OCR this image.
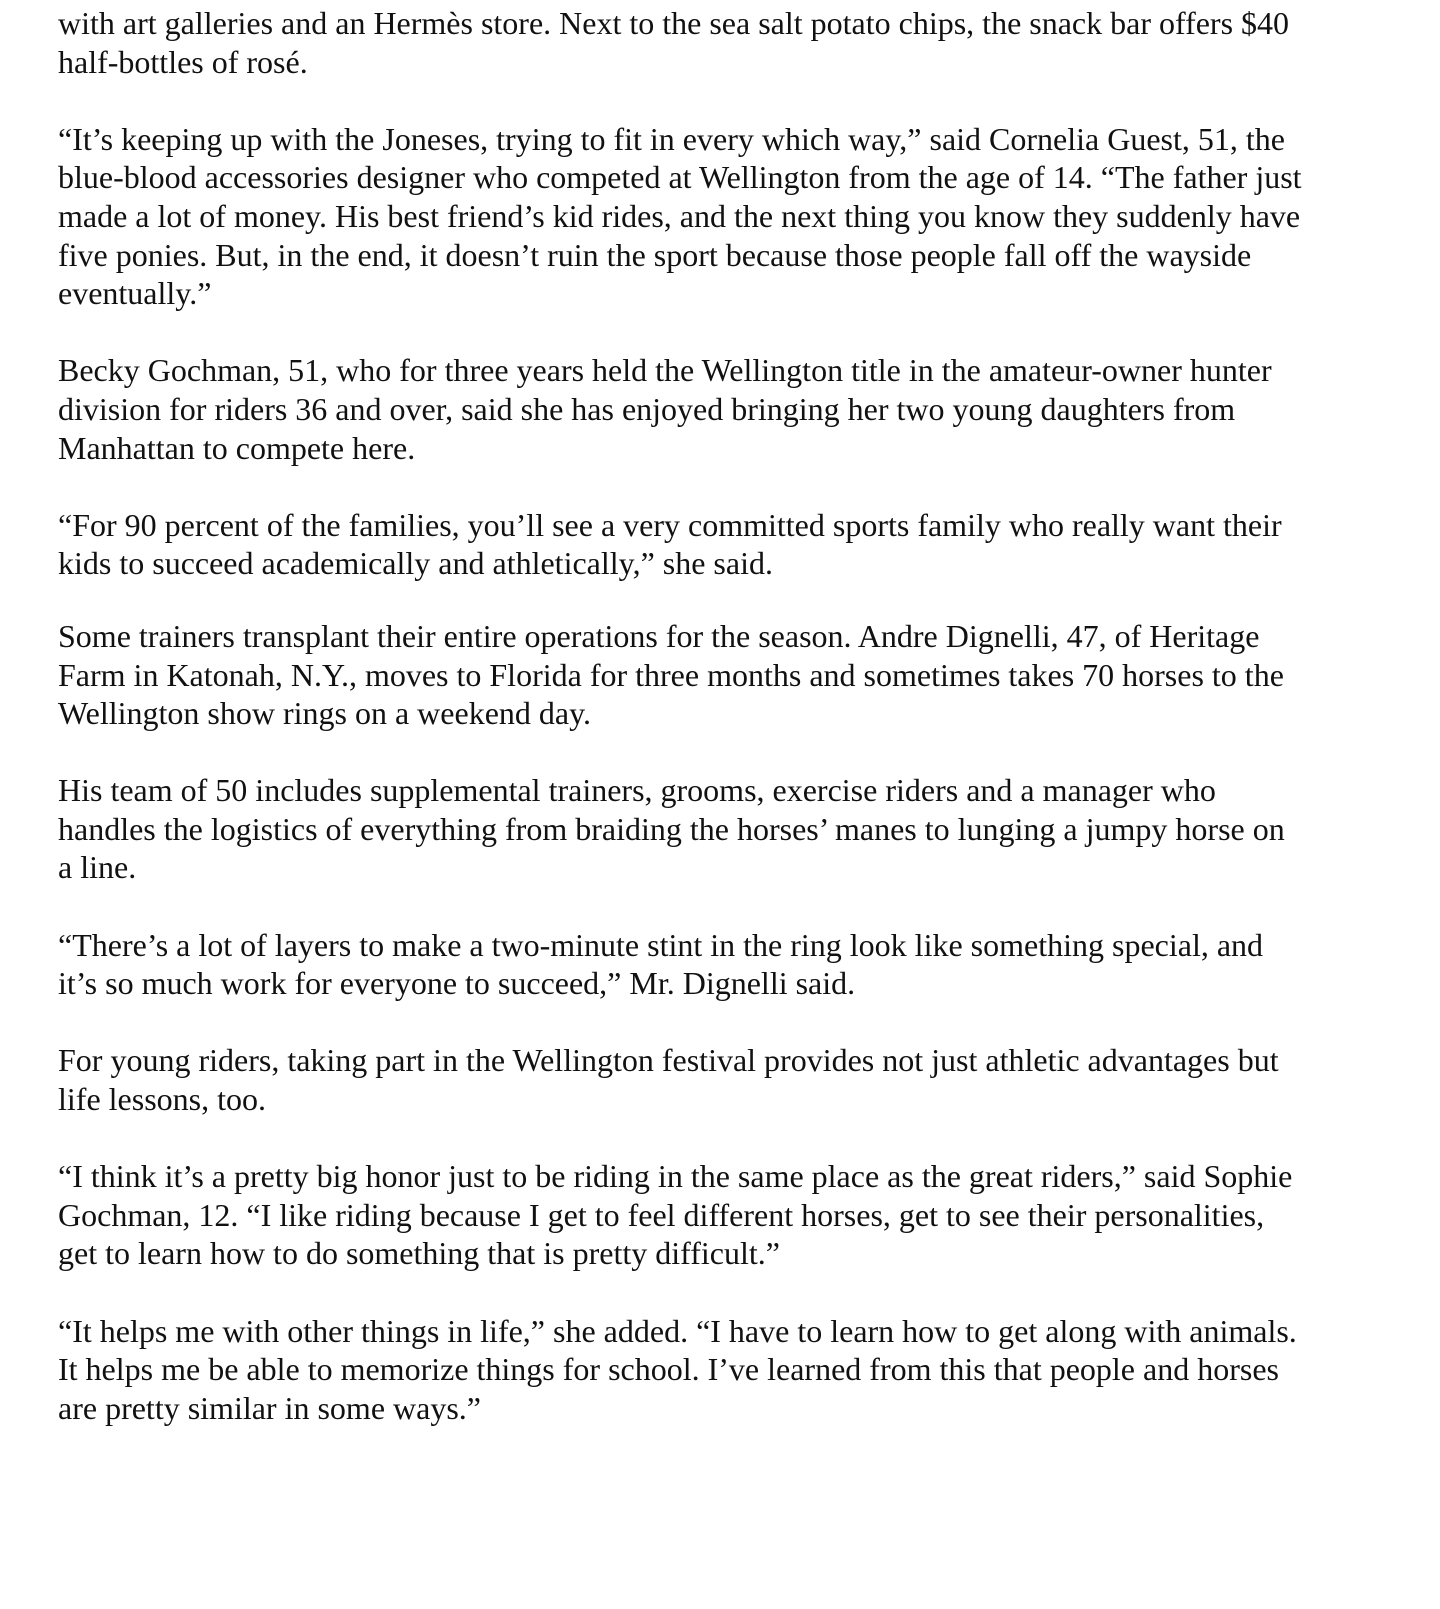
with art galleries and an Hermès store. Next to the sea salt potato chips, the snack bar offers $40
half-bottles of rosé.

“It’s keeping up with the Joneses, trying to fit in every which way,” said Cornelia Guest, 51, the
blue-blood accessories designer who competed at Wellington from the age of 14. “The father just
made a lot of money. His best friend’s kid rides, and the next thing you know they suddenly have
five ponies. But, in the end, it doesn’t ruin the sport because those people fall off the wayside
eventually.”

Becky Gochman, 51, who for three years held the Wellington title in the amateur-owner hunter
division for riders 36 and over, said she has enjoyed bringing her two young daughters from
Manhattan to compete here.

“For 90 percent of the families, you’ll see a very committed sports family who really want their
kids to succeed academically and athletically,” she said.

Some trainers transplant their entire operations for the season. Andre Dignelli, 47, of Heritage
Farm in Katonah, N.Y., moves to Florida for three months and sometimes takes 70 horses to the
Wellington show rings on a weekend day.

His team of 50 includes supplemental trainers, grooms, exercise riders and a manager who
handles the logistics of everything from braiding the horses’ manes to lunging a jumpy horse on
a line.

“There’s a lot of layers to make a two-minute stint in the ring look like something special, and
it’s so much work for everyone to succeed,” Mr. Dignelli said.

For young riders, taking part in the Wellington festival provides not just athletic advantages but
life lessons, too.

“I think it’s a pretty big honor just to be riding in the same place as the great riders,” said Sophie
Gochman, 12. “I like riding because I get to feel different horses, get to see their personalities,
get to learn how to do something that is pretty difficult.”

“It helps me with other things in life,” she added. “I have to learn how to get along with animals.
It helps me be able to memorize things for school. I’ve learned from this that people and horses
are pretty similar in some ways.”
